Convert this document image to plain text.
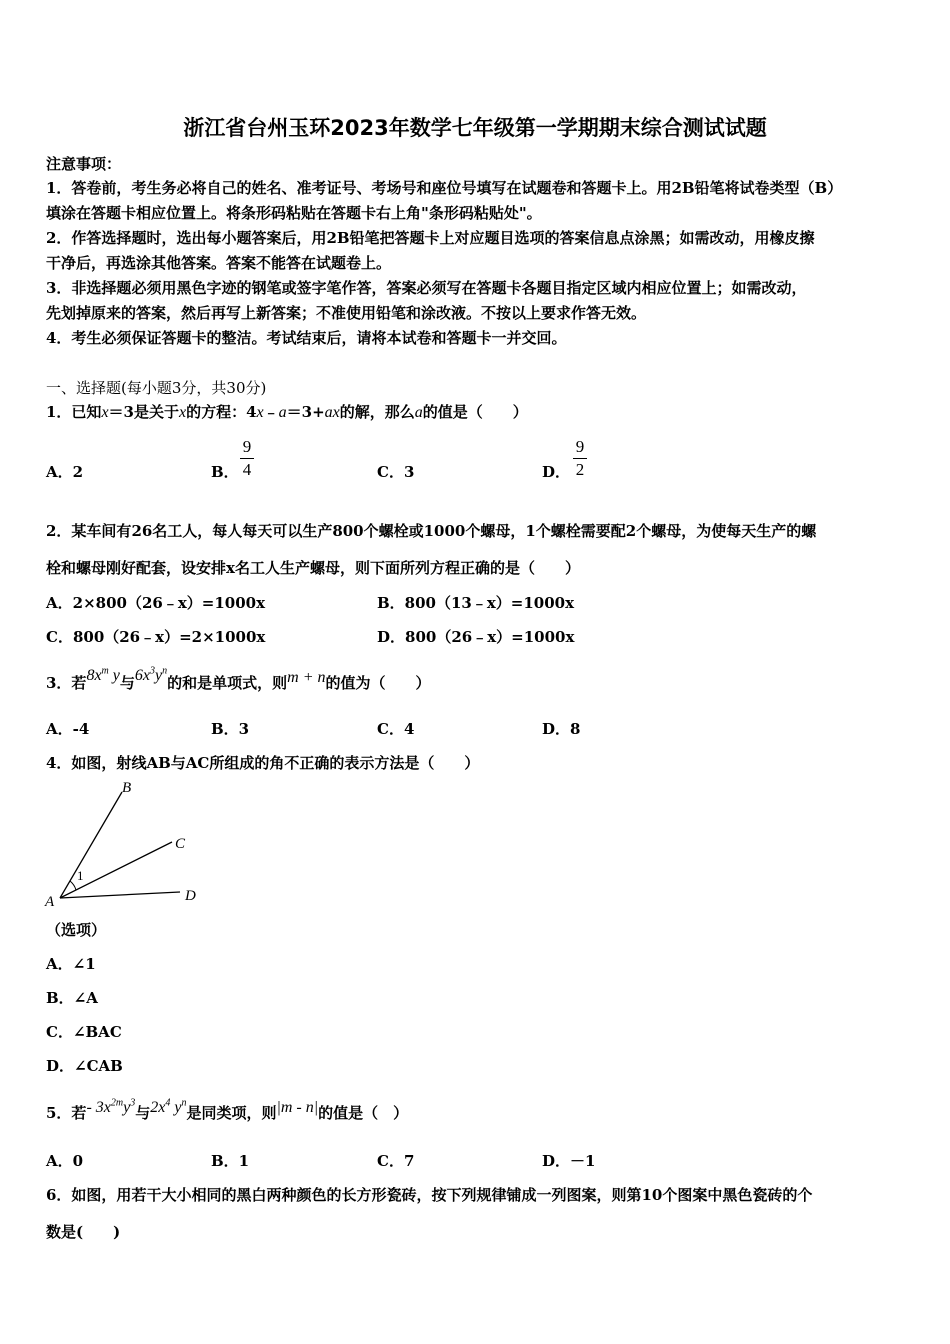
浙江省台州玉环2023年数学七年级第一学期期末综合测试试题
注意事项：
1．答卷前，考生务必将自己的姓名、准考证号、考场号和座位号填写在试题卷和答题卡上。用2B铅笔将试卷类型（B）
填涂在答题卡相应位置上。将条形码粘贴在答题卡右上角"条形码粘贴处"。
2．作答选择题时，选出每小题答案后，用2B铅笔把答题卡上对应题目选项的答案信息点涂黑；如需改动，用橡皮擦
干净后，再选涂其他答案。答案不能答在试题卷上。
3．非选择题必须用黑色字迹的钢笔或签字笔作答，答案必须写在答题卡各题目指定区域内相应位置上；如需改动，
先划掉原来的答案，然后再写上新答案；不准使用铅笔和涂改液。不按以上要求作答无效。
4．考生必须保证答题卡的整洁。考试结束后，请将本试卷和答题卡一并交回。
一、选择题(每小题3分，共30分)
1．已知x＝3是关于x的方程：4x﹣a＝3+ax的解，那么a的值是（　　）
A．2	B．
9
4	C．3	D．
9
2
2．某车间有26名工人，每人每天可以生产800个螺栓或1000个螺母，1个螺栓需要配2个螺母，为使每天生产的螺
栓和螺母刚好配套，设安排x名工人生产螺母，则下面所列方程正确的是（　　）
A．2×800（26﹣x）=1000x	B．800（13﹣x）=1000x
C．800（26﹣x）=2×1000x	D．800（26﹣x）=1000x
3．若$8x^m$ y与$6x^3y^n$的和是单项式，则m + n的值为（　　）
A．-4	B．3	C．4	D．8
4．如图，射线AB与AC所组成的角不正确的表示方法是（　　）
B
C
D
A
1
（选项）
A．∠1
B．∠A
C．∠BAC
D．∠CAB
5．若- $3x^{2m}y^3$与$2x^4$ $y^n$是同类项，则|m - n|的值是（　）
A．0	B．1	C．7	D．－1
6．如图，用若干大小相同的黑白两种颜色的长方形瓷砖，按下列规律铺成一列图案，则第10个图案中黑色瓷砖的个
数是(　　)
